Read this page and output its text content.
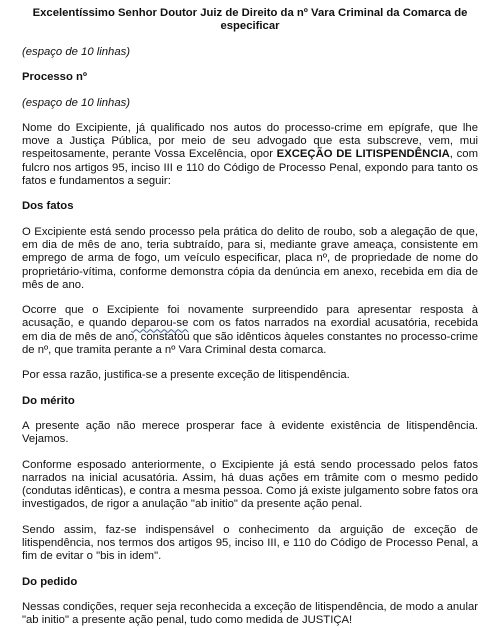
Excelentíssimo Senhor Doutor Juiz de Direito da nº Vara Criminal da Comarca de especificar
(espaço de 10 linhas)
Processo nº
(espaço de 10 linhas)
Nome do Excipiente, já qualificado nos autos do processo-crime em epígrafe, que lhe move a Justiça Pública, por meio de seu advogado que esta subscreve, vem, mui respeitosamente, perante Vossa Excelência, opor EXCEÇÃO DE LITISPENDÊNCIA, com fulcro nos artigos 95, inciso III e 110 do Código de Processo Penal, expondo para tanto os fatos e fundamentos a seguir:
Dos fatos
O Excipiente está sendo processo pela prática do delito de roubo, sob a alegação de que, em dia de mês de ano, teria subtraído, para si, mediante grave ameaça, consistente em emprego de arma de fogo, um veículo especificar, placa nº, de propriedade de nome do proprietário-vítima, conforme demonstra cópia da denúncia em anexo, recebida em dia de mês de ano.
Ocorre que o Excipiente foi novamente surpreendido para apresentar resposta à acusação, e quando deparou-se com os fatos narrados na exordial acusatória, recebida em dia de mês de ano, constatou que são idênticos àqueles constantes no processo-crime de nº, que tramita perante a nº Vara Criminal desta comarca.
Por essa razão, justifica-se a presente exceção de litispendência.
Do mérito
A presente ação não merece prosperar face à evidente existência de litispendência. Vejamos.
Conforme esposado anteriormente, o Excipiente já está sendo processado pelos fatos narrados na inicial acusatória. Assim, há duas ações em trâmite com o mesmo pedido (condutas idênticas), e contra a mesma pessoa. Como já existe julgamento sobre fatos ora investigados, de rigor a anulação "ab initio" da presente ação penal.
Sendo assim, faz-se indispensável o conhecimento da arguição de exceção de litispendência, nos termos dos artigos 95, inciso III, e 110 do Código de Processo Penal, a fim de evitar o "bis in idem".
Do pedido
Nessas condições, requer seja reconhecida a exceção de litispendência, de modo a anular "ab initio" a presente ação penal, tudo como medida de JUSTIÇA!
